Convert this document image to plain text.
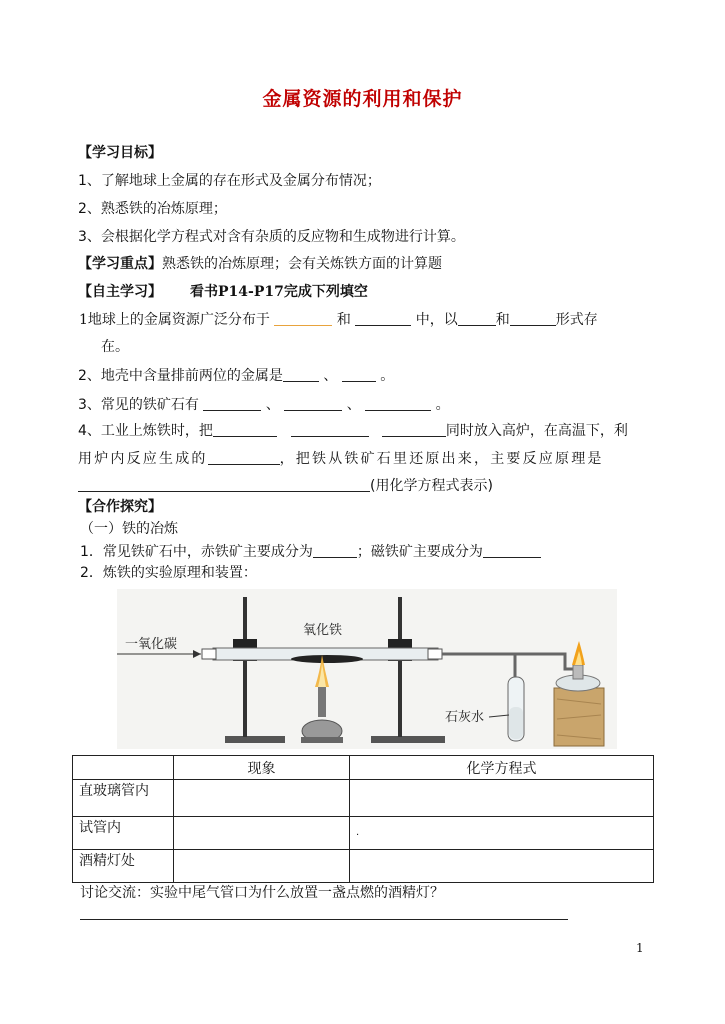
金属资源的利用和保护
【学习目标】
1、了解地球上金属的存在形式及金属分布情况；
2、熟悉铁的冶炼原理；
3、会根据化学方程式对含有杂质的反应物和生成物进行计算。
【学习重点】熟悉铁的冶炼原理；会有关炼铁方面的计算题
【自主学习】 看书P14-P17完成下列填空
1地球上的金属资源广泛分布于	和	中，以	和	形式存
在。
2、地壳中含量排前两位的金属是	、	。
3、常见的铁矿石有	、	、	。
4、工业上炼铁时，把	同时放入高炉，在高温下，利
用炉内反应生成的	，把铁从铁矿石里还原出来，主要反应原理是
(用化学方程式表示)
【合作探究】
（一）铁的冶炼
1．常见铁矿石中，赤铁矿主要成分为	；磁铁矿主要成分为
2．炼铁的实验原理和装置：
一氧化碳
氧化铁
石灰水
	现象	化学方程式
直玻璃管内		
试管内		.

酒精灯处		
讨论交流：实验中尾气管口为什么放置一盏点燃的酒精灯？
1
